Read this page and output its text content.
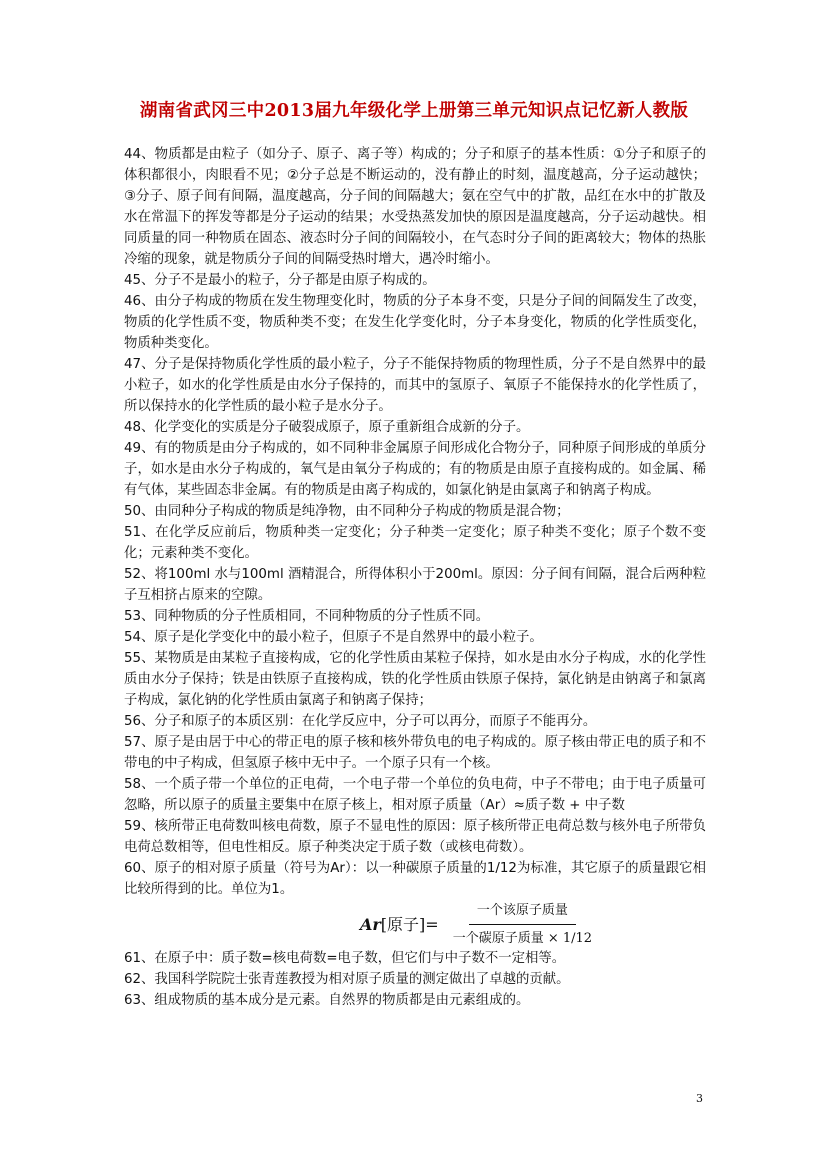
湖南省武冈三中2013届九年级化学上册第三单元知识点记忆新人教版

44、物质都是由粒子（如分子、原子、离子等）构成的；分子和原子的基本性质：①分子和原子的体积都很小，肉眼看不见；②分子总是不断运动的，没有静止的时刻，温度越高，分子运动越快；③分子、原子间有间隔，温度越高，分子间的间隔越大；氨在空气中的扩散，品红在水中的扩散及水在常温下的挥发等都是分子运动的结果；水受热蒸发加快的原因是温度越高，分子运动越快。相同质量的同一种物质在固态、液态时分子间的间隔较小，在气态时分子间的距离较大；物体的热胀冷缩的现象，就是物质分子间的间隔受热时增大，遇冷时缩小。

45、分子不是最小的粒子，分子都是由原子构成的。

46、由分子构成的物质在发生物理变化时，物质的分子本身不变，只是分子间的间隔发生了改变，物质的化学性质不变，物质种类不变；在发生化学变化时，分子本身变化，物质的化学性质变化，物质种类变化。

47、分子是保持物质化学性质的最小粒子，分子不能保持物质的物理性质，分子不是自然界中的最小粒子，如水的化学性质是由水分子保持的，而其中的氢原子、氧原子不能保持水的化学性质了，所以保持水的化学性质的最小粒子是水分子。

48、化学变化的实质是分子破裂成原子，原子重新组合成新的分子。

49、有的物质是由分子构成的，如不同种非金属原子间形成化合物分子，同种原子间形成的单质分子，如水是由水分子构成的，氧气是由氧分子构成的；有的物质是由原子直接构成的。如金属、稀有气体，某些固态非金属。有的物质是由离子构成的，如氯化钠是由氯离子和钠离子构成。

50、由同种分子构成的物质是纯净物，由不同种分子构成的物质是混合物；

51、在化学反应前后，物质种类一定变化；分子种类一定变化；原子种类不变化；原子个数不变化；元素种类不变化。

52、将100ml 水与100ml 酒精混合，所得体积小于200ml。原因：分子间有间隔，混合后两种粒子互相挤占原来的空隙。

53、同种物质的分子性质相同，不同种物质的分子性质不同。

54、原子是化学变化中的最小粒子，但原子不是自然界中的最小粒子。

55、某物质是由某粒子直接构成，它的化学性质由某粒子保持，如水是由水分子构成，水的化学性质由水分子保持；铁是由铁原子直接构成，铁的化学性质由铁原子保持，氯化钠是由钠离子和氯离子构成，氯化钠的化学性质由氯离子和钠离子保持；

56、分子和原子的本质区别：在化学反应中，分子可以再分，而原子不能再分。

57、原子是由居于中心的带正电的原子核和核外带负电的电子构成的。原子核由带正电的质子和不带电的中子构成，但氢原子核中无中子。一个原子只有一个核。

58、一个质子带一个单位的正电荷，一个电子带一个单位的负电荷，中子不带电；由于电子质量可忽略，所以原子的质量主要集中在原子核上，相对原子质量（Ar）≈质子数 + 中子数

59、核所带正电荷数叫核电荷数，原子不显电性的原因：原子核所带正电荷总数与核外电子所带负电荷总数相等，但电性相反。原子种类决定于质子数（或核电荷数）。

60、原子的相对原子质量（符号为Ar）：以一种碳原子质量的1/12为标准，其它原子的质量跟它相比较所得到的比。单位为1。

Ar[原子]= $\frac{\text{一个该原子质量}}{\text{一个碳原子质量 × 1/12}}$

61、在原子中：质子数=核电荷数=电子数，但它们与中子数不一定相等。

62、我国科学院院士张青莲教授为相对原子质量的测定做出了卓越的贡献。

63、组成物质的基本成分是元素。自然界的物质都是由元素组成的。

3
